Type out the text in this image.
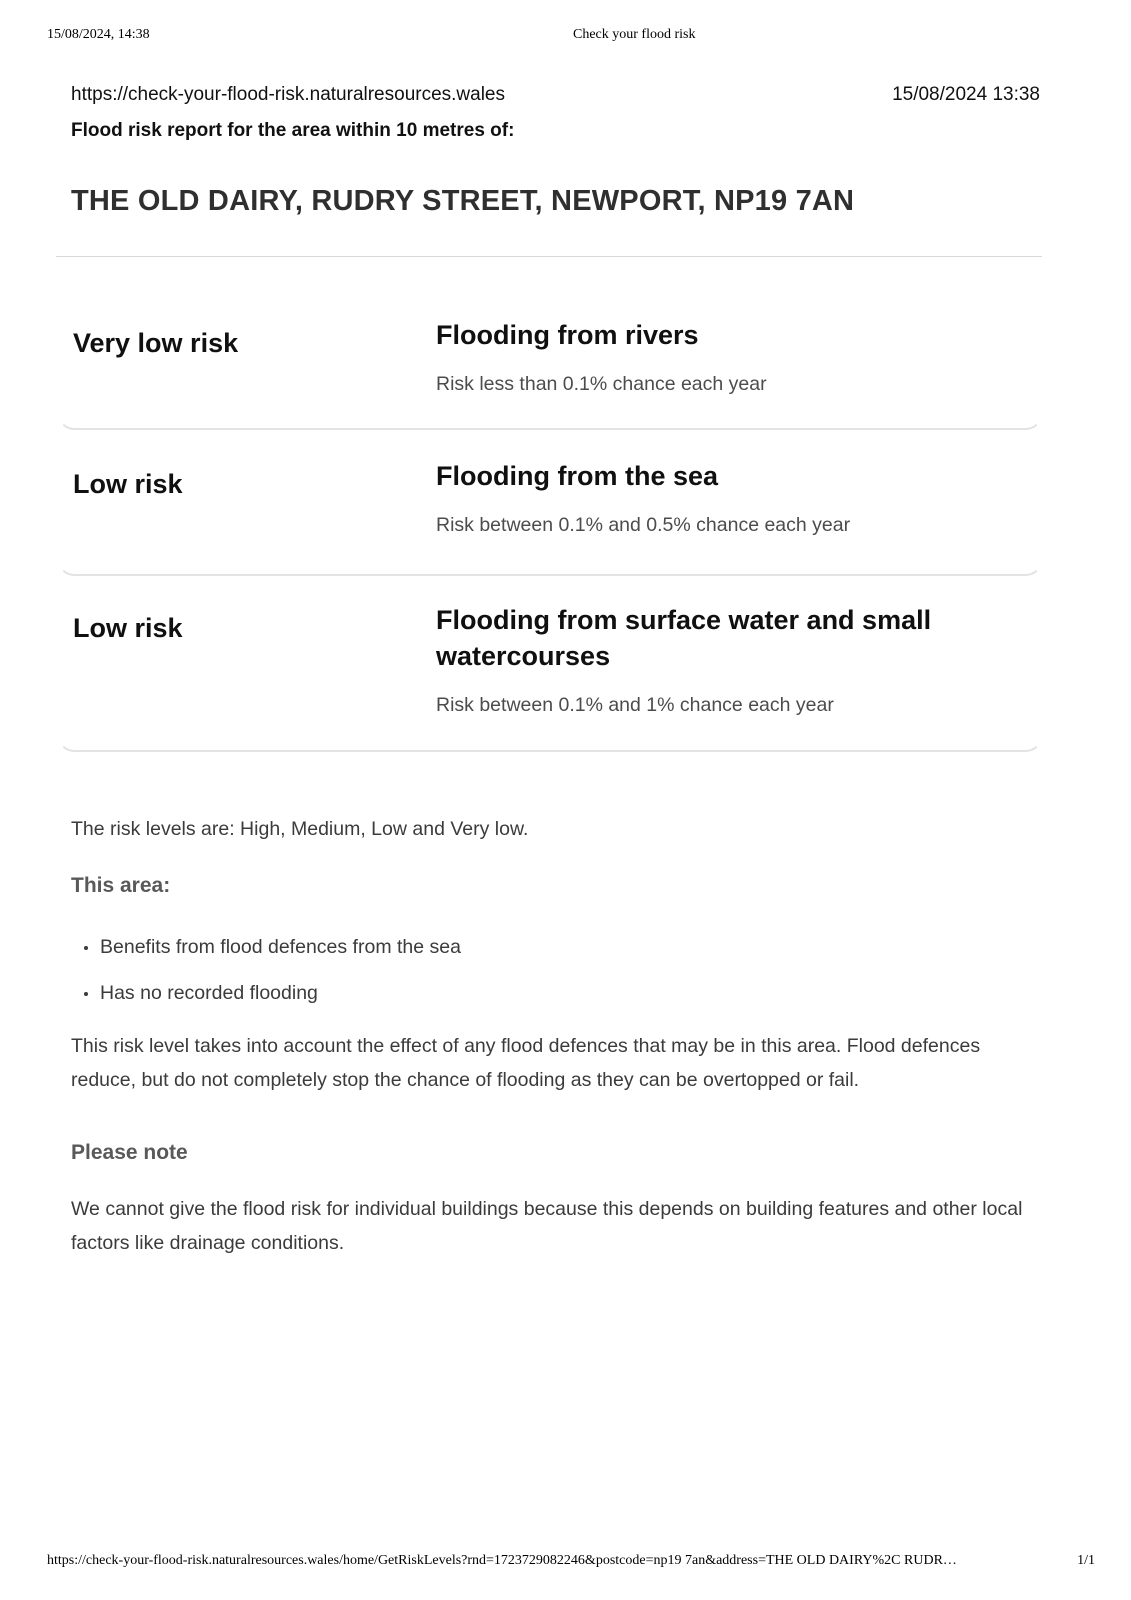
15/08/2024, 14:38	Check your flood risk
https://check-your-flood-risk.naturalresources.wales	15/08/2024 13:38
Flood risk report for the area within 10 metres of:
THE OLD DAIRY, RUDRY STREET, NEWPORT, NP19 7AN
Very low risk	Flooding from rivers

Risk less than 0.1% chance each year

Low risk	Flooding from the sea

Risk between 0.1% and 0.5% chance each year

Low risk	Flooding from surface water and small watercourses

Risk between 0.1% and 1% chance each year

The risk levels are: High, Medium, Low and Very low.

This area:
Benefits from flood defences from the sea
Has no recorded flooding

This risk level takes into account the effect of any flood defences that may be in this area. Flood defences reduce, but do not completely stop the chance of flooding as they can be overtopped or fail.

Please note

We cannot give the flood risk for individual buildings because this depends on building features and other local factors like drainage conditions.

https://check-your-flood-risk.naturalresources.wales/home/GetRiskLevels?rnd=1723729082246&postcode=np19 7an&address=THE OLD DAIRY%2C RUDR…	1/1
